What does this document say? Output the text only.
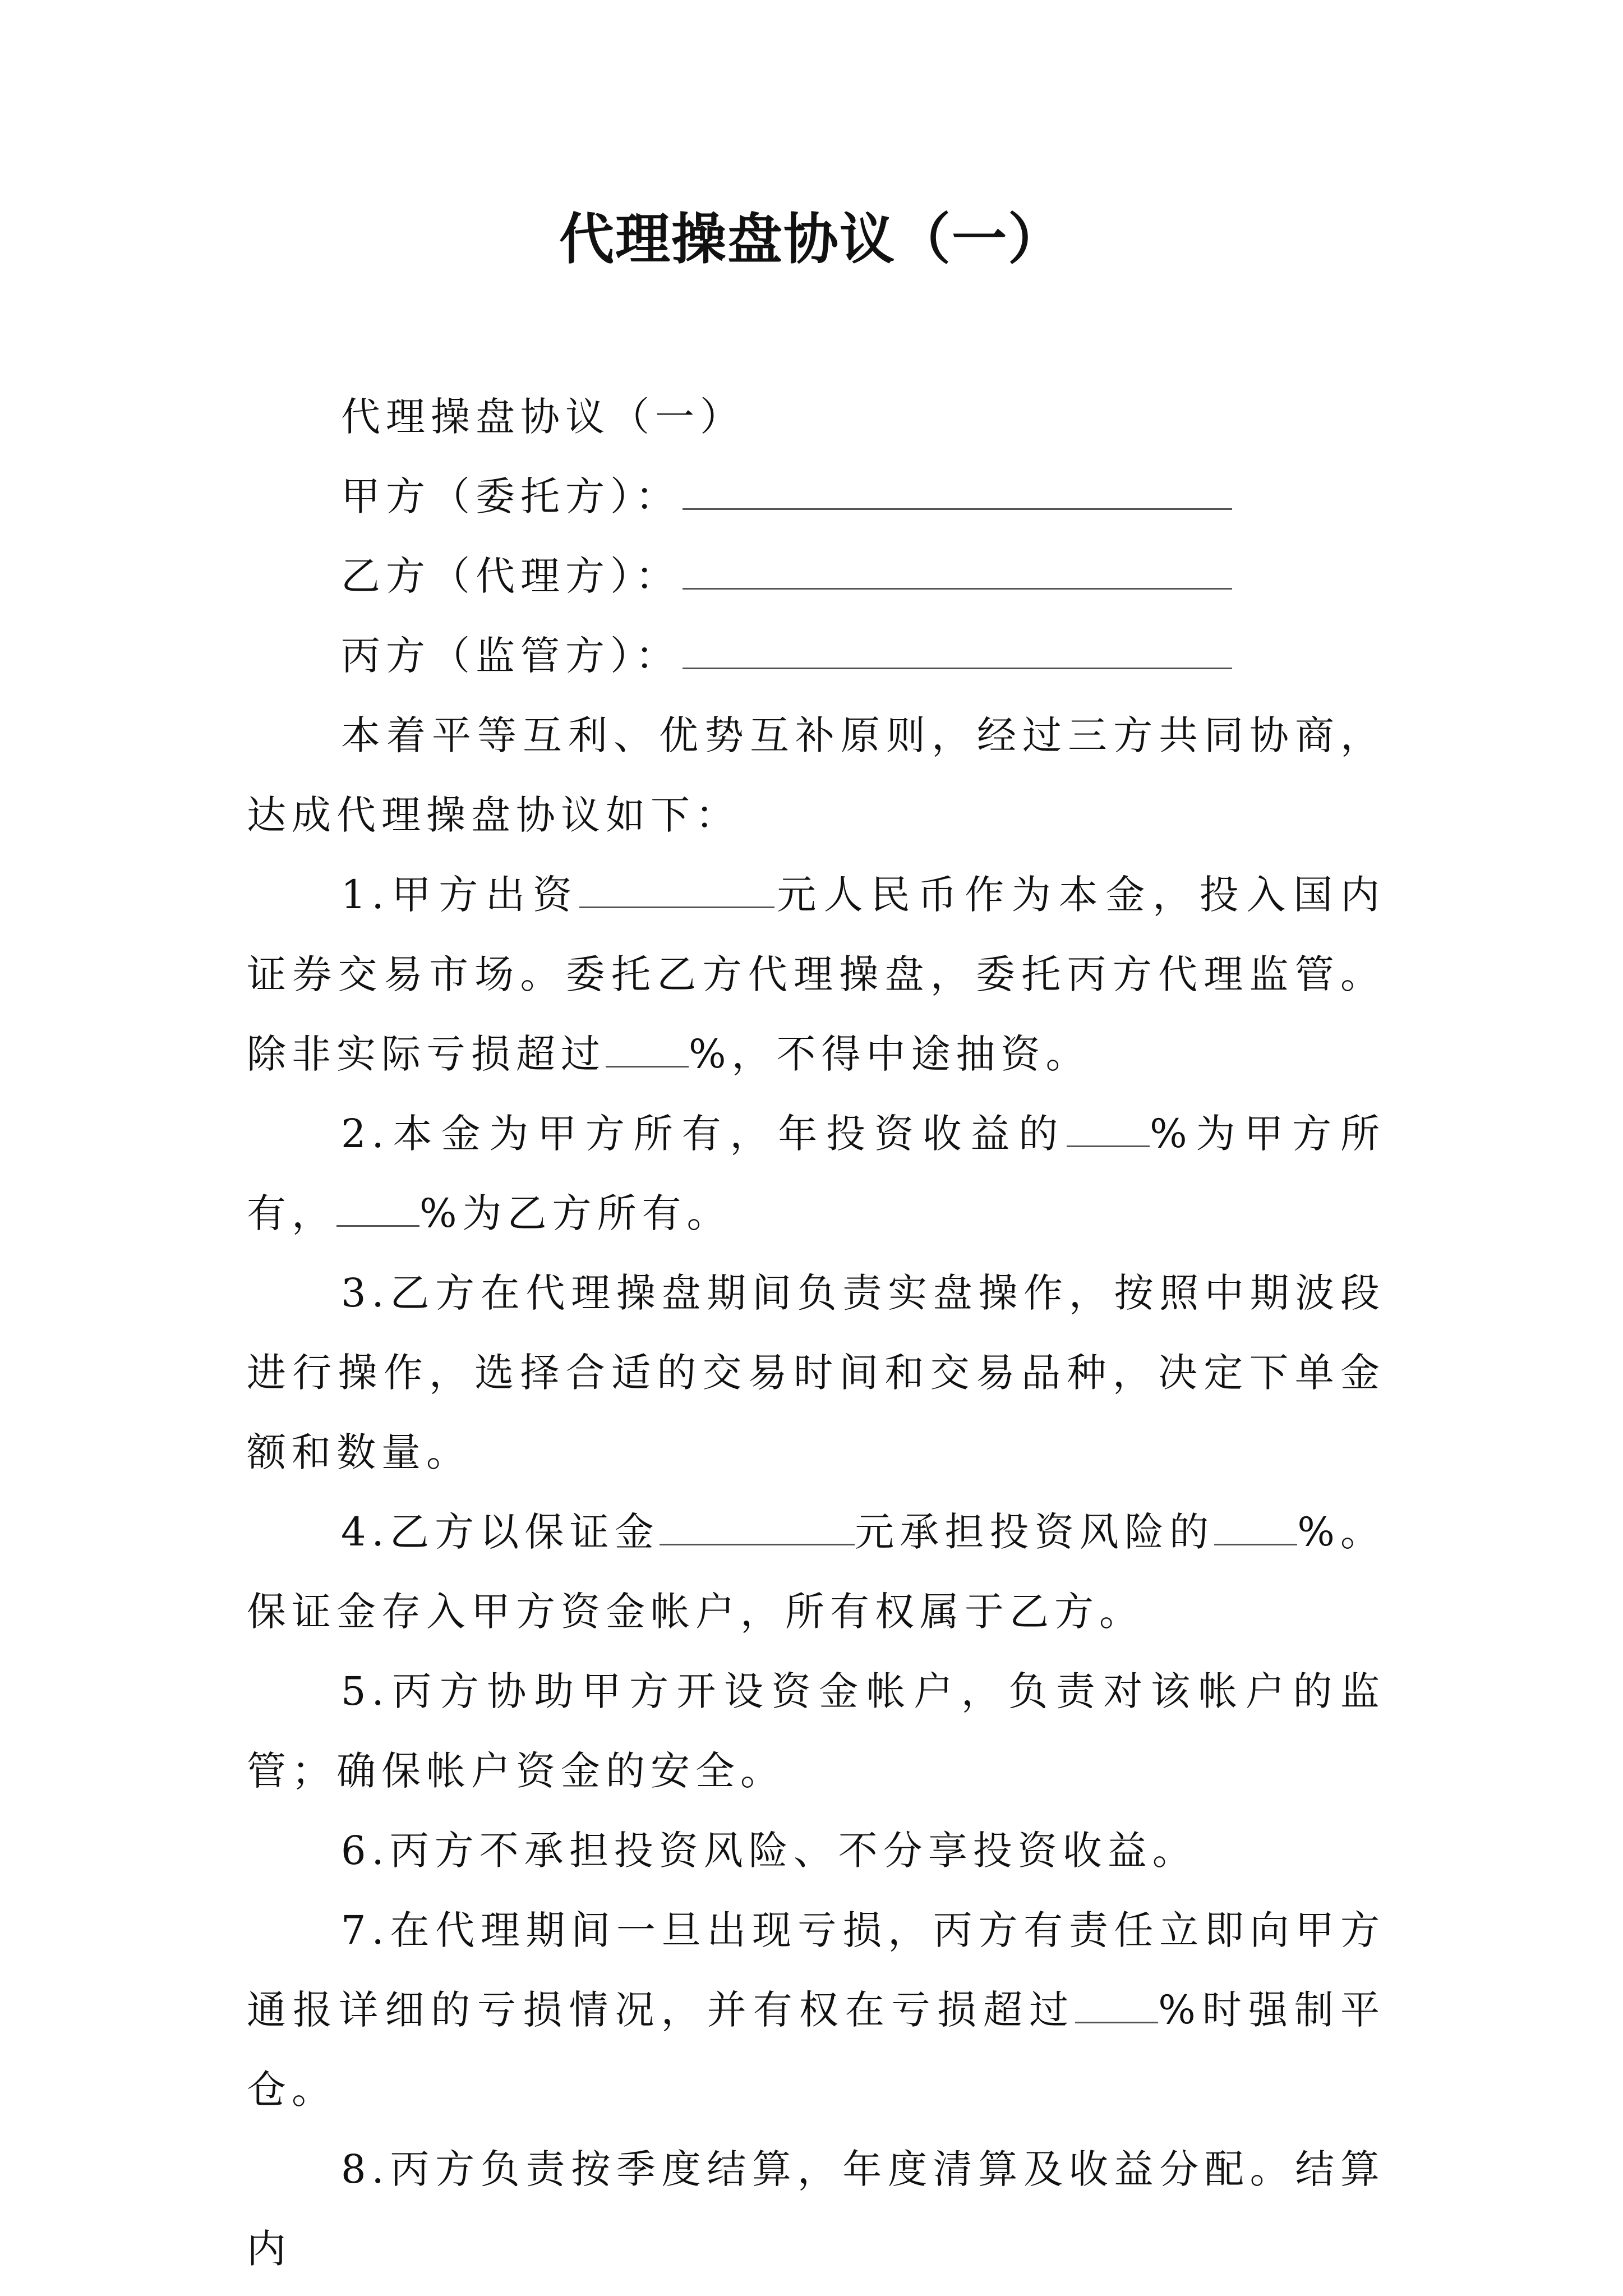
代理操盘协议（一）

代理操盘协议（一）

甲方（委托方）：

乙方（代理方）：

丙方（监管方）：

本着平等互利、优势互补原则，经过三方共同协商，达成代理操盘协议如下：

1.甲方出资	元人民币作为本金，投入国内证券交易市场。委托乙方代理操盘，委托丙方代理监管。除非实际亏损超过 %，不得中途抽资。

2.本金为甲方所有，年投资收益的 %为甲方所有， %为乙方所有。

3.乙方在代理操盘期间负责实盘操作，按照中期波段进行操作，选择合适的交易时间和交易品种，决定下单金额和数量。

4.乙方以保证金	元承担投资风险的 %。保证金存入甲方资金帐户，所有权属于乙方。

5.丙方协助甲方开设资金帐户，负责对该帐户的监管；确保帐户资金的安全。

6.丙方不承担投资风险、不分享投资收益。

7.在代理期间一旦出现亏损，丙方有责任立即向甲方通报详细的亏损情况，并有权在亏损超过 %时强制平仓。

8.丙方负责按季度结算，年度清算及收益分配。结算内
